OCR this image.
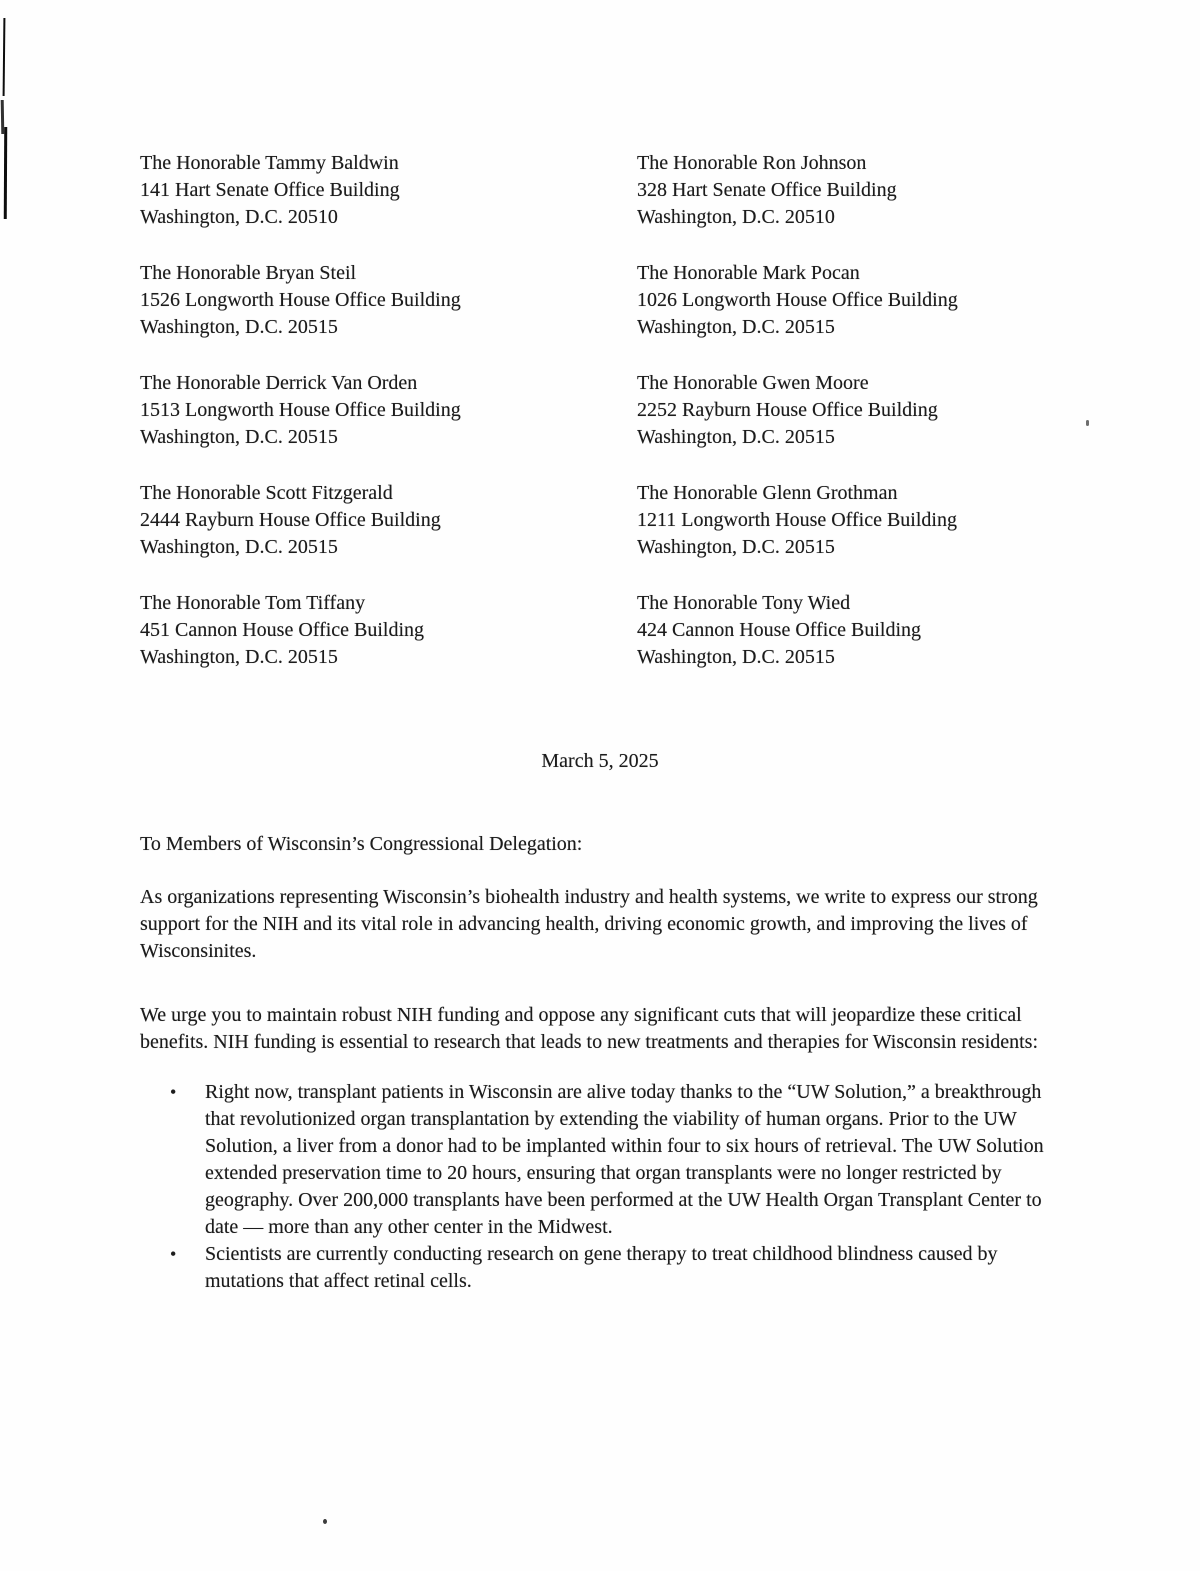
The Honorable Tammy Baldwin
141 Hart Senate Office Building
Washington, D.C. 20510
The Honorable Ron Johnson
328 Hart Senate Office Building
Washington, D.C. 20510
The Honorable Bryan Steil
1526 Longworth House Office Building
Washington, D.C. 20515
The Honorable Mark Pocan
1026 Longworth House Office Building
Washington, D.C. 20515
The Honorable Derrick Van Orden
1513 Longworth House Office Building
Washington, D.C. 20515
The Honorable Gwen Moore
2252 Rayburn House Office Building
Washington, D.C. 20515
The Honorable Scott Fitzgerald
2444 Rayburn House Office Building
Washington, D.C. 20515
The Honorable Glenn Grothman
1211 Longworth House Office Building
Washington, D.C. 20515
The Honorable Tom Tiffany
451 Cannon House Office Building
Washington, D.C. 20515
The Honorable Tony Wied
424 Cannon House Office Building
Washington, D.C. 20515
March 5, 2025
To Members of Wisconsin’s Congressional Delegation:

As organizations representing Wisconsin’s biohealth industry and health systems, we write to express our strong support for the NIH and its vital role in advancing health, driving economic growth, and improving the lives of Wisconsinites.

We urge you to maintain robust NIH funding and oppose any significant cuts that will jeopardize these critical benefits. NIH funding is essential to research that leads to new treatments and therapies for Wisconsin residents:

• Right now, transplant patients in Wisconsin are alive today thanks to the “UW Solution,” a breakthrough that revolutionized organ transplantation by extending the viability of human organs. Prior to the UW Solution, a liver from a donor had to be implanted within four to six hours of retrieval. The UW Solution extended preservation time to 20 hours, ensuring that organ transplants were no longer restricted by geography. Over 200,000 transplants have been performed at the UW Health Organ Transplant Center to date — more than any other center in the Midwest.
• Scientists are currently conducting research on gene therapy to treat childhood blindness caused by mutations that affect retinal cells.
